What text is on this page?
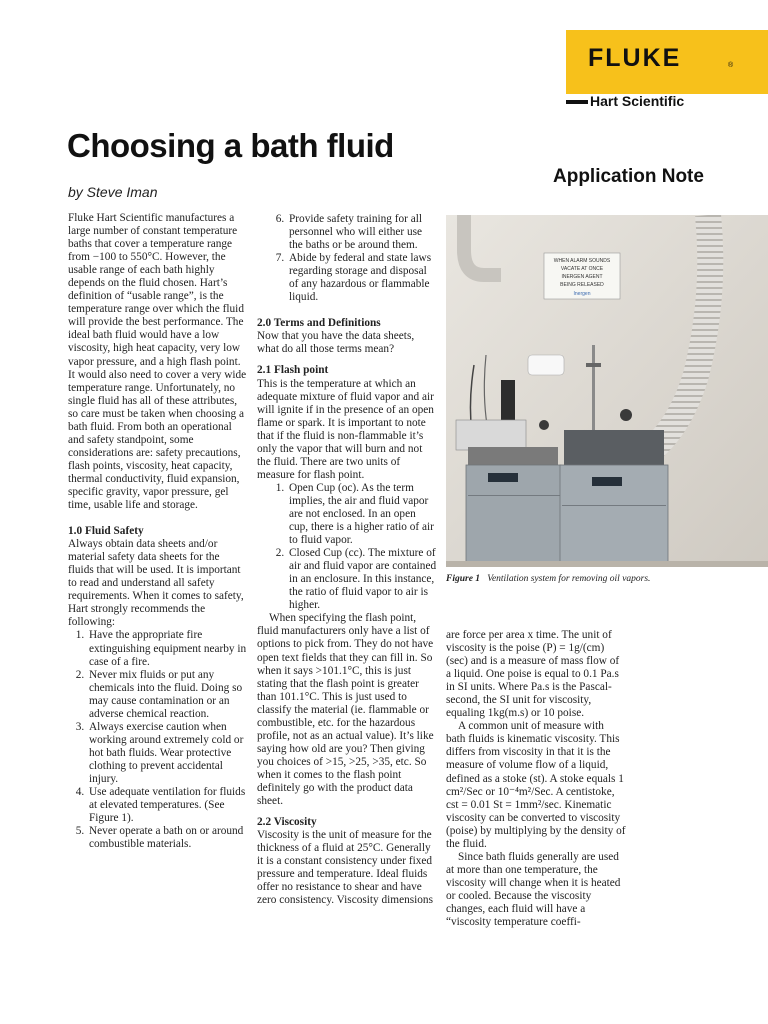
FLUKE	®
Hart Scientific
Choosing a bath fluid
Application Note
by Steve Iman

Fluke Hart Scientific manufactures a large number of constant temperature baths that cover a temperature range from −100 to 550°C. However, the usable range of each bath highly depends on the fluid chosen. Hart’s definition of “usable range”, is the temperature range over which the fluid will provide the best performance. The ideal bath fluid would have a low viscosity, high heat capacity, very low vapor pressure, and a high flash point. It would also need to cover a very wide temperature range. Unfortunately, no single fluid has all of these attributes, so care must be taken when choosing a bath fluid. From both an operational and safety standpoint, some considerations are: safety precautions, flash points, viscosity, heat capacity, thermal conductivity, fluid expansion, specific gravity, vapor pressure, gel time, usable life and storage.

1.0 Fluid Safety

Always obtain data sheets and/or material safety data sheets for the fluids that will be used. It is important to read and understand all safety requirements. When it comes to safety, Hart strongly recommends the following:

1. Have the appropriate fire extinguishing equipment nearby in case of a fire.
2. Never mix fluids or put any chemicals into the fluid. Doing so may cause contamination or an adverse chemical reaction.
3. Always exercise caution when working around extremely cold or hot bath fluids. Wear protective clothing to prevent accidental injury.
4. Use adequate ventilation for fluids at elevated temperatures. (See Figure 1).
5. Never operate a bath on or around combustible materials.
6. Provide safety training for all personnel who will either use the baths or be around them.
7. Abide by federal and state laws regarding storage and disposal of any hazardous or flammable liquid.
2.0 Terms and Definitions

Now that you have the data sheets, what do all those terms mean?

2.1 Flash point

This is the temperature at which an adequate mixture of fluid vapor and air will ignite if in the presence of an open flame or spark. It is important to note that if the fluid is non-flammable it’s only the vapor that will burn and not the fluid. There are two units of measure for flash point.

1. Open Cup (oc). As the term implies, the air and fluid vapor are not enclosed. In an open cup, there is a higher ratio of air to fluid vapor.
2. Closed Cup (cc). The mixture of air and fluid vapor are contained in an enclosure. In this instance, the ratio of fluid vapor to air is higher.

When specifying the flash point, fluid manufacturers only have a list of options to pick from. They do not have open text fields that they can fill in. So when it says >101.1°C, this is just stating that the flash point is greater than 101.1°C. This is just used to classify the material (ie. flammable or combustible, etc. for the hazardous profile, not as an actual value). It’s like saying how old are you? Then giving you choices of >15, >25, >35, etc. So when it comes to the flash point definitely go with the product data sheet.

2.2 Viscosity

Viscosity is the unit of measure for the thickness of a fluid at 25°C. Generally it is a constant consistency under fixed pressure and temperature. Ideal fluids offer no resistance to shear and have zero consistency. Viscosity dimensions

WHEN ALARM SOUNDS
VACATE AT ONCE
INERGEN AGENT
BEING RELEASED
Inergen
Figure 1 Ventilation system for removing oil vapors.

are force per area x time. The unit of viscosity is the poise (P) = 1g/(cm) (sec) and is a measure of mass flow of a liquid. One poise is equal to 0.1 Pa.s in SI units. Where Pa.s is the Pascal-second, the SI unit for viscosity, equaling 1kg(m.s) or 10 poise.

A common unit of measure with bath fluids is kinematic viscosity. This differs from viscosity in that it is the measure of volume flow of a liquid, defined as a stoke (st). A stoke equals 1 cm²/Sec or 10⁻⁴m²/Sec. A centistoke, cst = 0.01 St = 1mm²/sec. Kinematic viscosity can be converted to viscosity (poise) by multiplying by the density of the fluid.

Since bath fluids generally are used at more than one temperature, the viscosity will change when it is heated or cooled. Because the viscosity changes, each fluid will have a “viscosity temperature coeffi-
